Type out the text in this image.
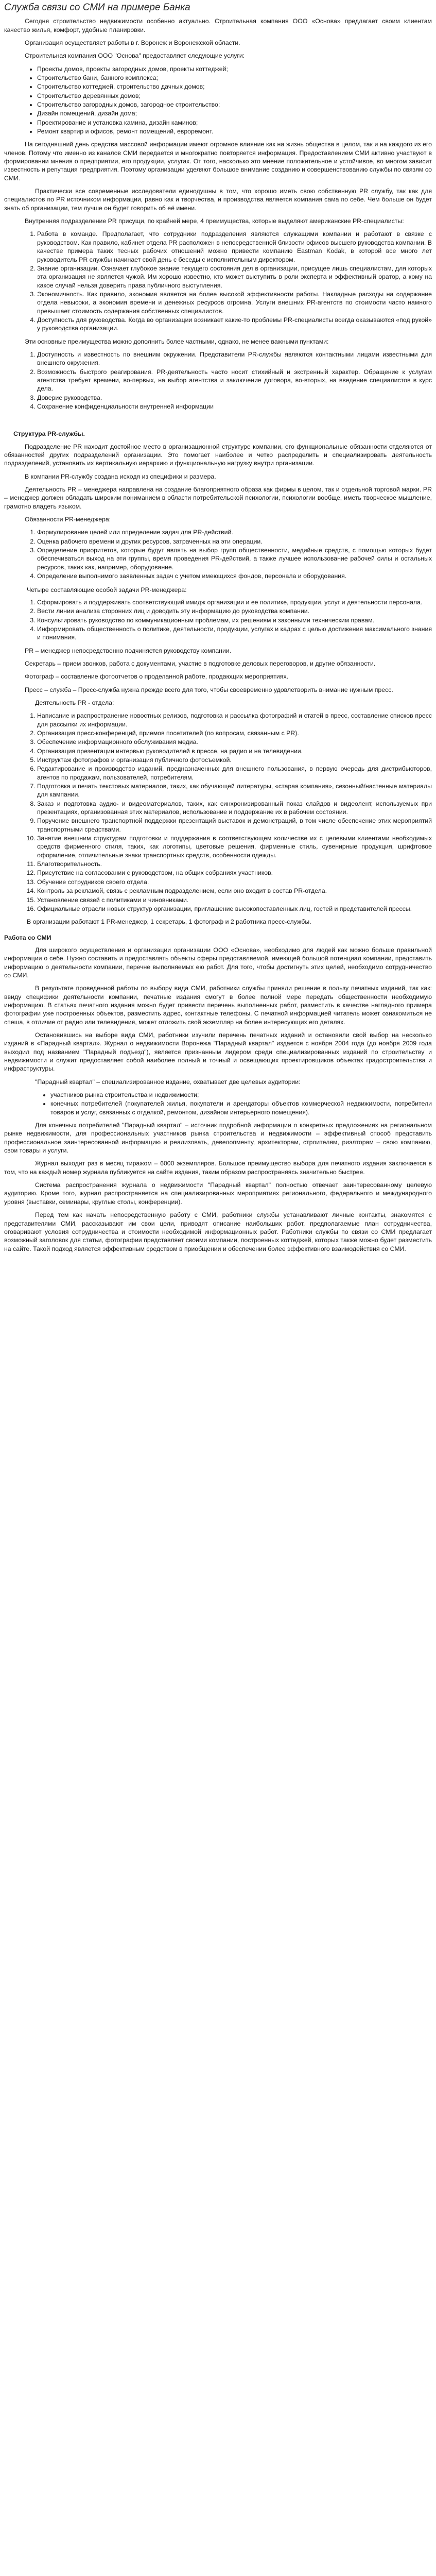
Служба связи со СМИ на примере Банка

Сегодня строительство недвижимости особенно актуально. Строительная компания ООО «Основа» предлагает своим клиентам качество жилья, комфорт, удобные планировки.

Организация осуществляет работы в г. Воронеж и Воронежской области.

Строительная компания ООО "Основа" предоставляет следующие услуги:

• Проекты домов, проекты загородных домов, проекты коттеджей;
• Строительство бани, банного комплекса;
• Строительство коттеджей, строительство дачных домов;
• Строительство деревянных домов;
• Строительство загородных домов, загородное строительство;
• Дизайн помещений, дизайн дома;
• Проектирование и установка камина, дизайн каминов;
• Ремонт квартир и офисов, ремонт помещений, евроремонт.

На сегодняшний день средства массовой информации имеют огромное влияние как на жизнь общества в целом, так и на каждого из его членов. Потому что именно из каналов СМИ передается и многократно повторяется информация. Предоставлением СМИ активно участвуют в формировании мнения о предприятии, его продукции, услугах. От того, насколько это мнение положительное и устойчивое, во многом зависит известность и репутация предприятия. Поэтому организации уделяют большое внимание созданию и совершенствованию службы по связям со СМИ.

Практически все современные исследователи единодушны в том, что хорошо иметь свою собственную PR службу, так как для специалистов по PR источником информации, равно как и творчества, и производства является компания сама по себе. Чем больше он будет знать об организации, тем лучше он будет говорить об её имени.

Внутренняя подразделение PR присущи, по крайней мере, 4 преимущества, которые выделяют американские PR-специалисты:

1. Работа в команде. Предполагает, что сотрудники подразделения являются служащими компании и работают в связке с руководством. Как правило, кабинет отдела PR расположен в непосредственной близости офисов высшего руководства компании. В качестве примера таких тесных рабочих отношений можно привести компанию Eastman Kodak, в которой все много лет руководитель PR службы начинает свой день с беседы с исполнительным директором.
2. Знание организации. Означает глубокое знание текущего состояния дел в организации, присущее лишь специалистам, для которых эта организация не является чужой. Им хорошо известно, кто может выступить в роли эксперта и эффективный оратор, а кому на какое случай нельзя доверить права публичного выступления.
3. Экономичность. Как правило, экономия является на более высокой эффективности работы. Накладные расходы на содержание отдела невысоки, а экономия времени и денежных ресурсов огромна. Услуги внешних PR-агентств по стоимости часто намного превышает стоимость содержания собственных специалистов.
4. Доступность для руководства. Когда во организации возникает какие-то проблемы PR-специалисты всегда оказываются «под рукой» у руководства организации.

Эти основные преимущества можно дополнить более частными, однако, не менее важными пунктами:

1. Доступность и известность по внешним окружении. Представители PR-службы являются контактными лицами известными для внешнего окружения.
2. Возможность быстрого реагирования. PR-деятельность часто носит стихийный и экстренный характер. Обращение к услугам агентства требует времени, во-первых, на выбор агентства и заключение договора, во-вторых, на введение специалистов в курс дела.
3. Доверие руководства.
4. Сохранение конфиденциальности внутренней информации

Структура PR-службы.

Подразделение PR находит достойное место в организационной структуре компании, его функциональные обязанности отделяются от обязанностей других подразделений организации. Это помогает наиболее и четко распределить и специализировать деятельность подразделений, установить их вертикальную иерархию и функциональную нагрузку внутри организации.

В компании PR-службу создана исходя из специфики и размера.

Деятельность PR – менеджера направлена на создание благоприятного образа как фирмы в целом, так и отдельной торговой марки. PR – менеджер должен обладать широким пониманием в области потребительской психологии, психологии вообще, иметь творческое мышление, грамотно владеть языком.

Обязанности PR-менеджера:

1. Формулирование целей или определение задач для PR-действий.
2. Оценка рабочего времени и других ресурсов, затраченных на эти операции.
3. Определение приоритетов, которые будут являть на выбор групп общественности, медийные средств, с помощью которых будет обеспечиваться выход на эти группы, время проведения PR-действий, а также лучшее использование рабочей силы и остальных ресурсов, таких как, например, оборудование.
4. Определение выполнимого заявленных задач с учетом имеющихся фондов, персонала и оборудования.

Четыре составляющие особой задачи PR-менеджера:

1. Сформировать и поддерживать соответствующий имидж организации и ее политике, продукции, услуг и деятельности персонала.
2. Вести линии анализа сторонних лиц и доводить эту информацию до руководства компании.
3. Консультировать руководство по коммуникационным проблемам, их решениям и законными техническим правам.
4. Информировать общественность о политике, деятельности, продукции, услугах и кадрах с целью достижения максимального знания и понимания.

PR – менеджер непосредственно подчиняется руководству компании.

Секретарь – прием звонков, работа с документами, участие в подготовке деловых переговоров, и другие обязанности.

Фотограф – составление фотоотчетов о проделанной работе, продающих мероприятиях.

Пресс – служба – Пресс-служба нужна прежде всего для того, чтобы своевременно удовлетворить внимание нужным пресс.

Деятельность PR - отдела:

1. Написание и распространение новостных релизов, подготовка и рассылка фотографий и статей в пресс, составление списков пресс для рассылки их информации.
2. Организация пресс-конференций, приемов посетителей (по вопросам, связанным с PR).
3. Обеспечение информационного обслуживания медиа.
4. Организация презентации интервью руководителей в прессе, на радио и на телевидении.
5. Инструктаж фотографов и организация публичного фотосъемкой.
6. Редактирование и производство изданий, предназначенных для внешнего пользования, в первую очередь для дистрибьюторов, агентов по продажам, пользователей, потребителям.
7. Подготовка и печать текстовых материалов, таких, как обучающей литературы, «старая компания», сезонный/настенные материалы для кампании.
8. Заказ и подготовка аудио- и видеоматериалов, таких, как синхронизированный показ слайдов и видеолент, используемых при презентациях, организованная этих материалов, использование и поддержание их в рабочем состоянии.
9. Поручение внешнего транспортной поддержки презентаций выставок и демонстраций, в том числе обеспечение этих мероприятий транспортными средствами.
10. Занятие внешним структурам подготовки и поддержания в соответствующем количестве их с целевыми клиентами необходимых средств фирменного стиля, таких, как логотипы, цветовые решения, фирменные стиль, сувенирные продукция, шрифтовое оформление, отличительные знаки транспортных средств, особенности одежды.
11. Благотворительность.
12. Присутствие на согласовании с руководством, на общих собраниях участников.
13. Обучение сотрудников своего отдела.
14. Контроль за рекламой, связь с рекламным подразделением, если оно входит в состав PR-отдела.
15. Установление связей с политиками и чиновниками.
16. Официальные отрасли новых структур организации, приглашение высокопоставленных лиц, гостей и представителей прессы.

В организации работают 1 PR-менеджер, 1 секретарь, 1 фотограф и 2 работника пресс-службы.

Работа со СМИ

Для широкого осуществления и организации организации ООО «Основа», необходимо для людей как можно больше правильной информации о себе. Нужно составить и предоставлять объекты сферы представляемой, имеющей большой потенциал компании, представить информацию о деятельности компании, перечне выполняемых ею работ. Для того, чтобы достигнуть этих целей, необходимо сотрудничество со СМИ.

В результате проведенной работы по выбору вида СМИ, работники службы приняли решение в пользу печатных изданий, так как: ввиду специфики деятельности компании, печатные издания смогут в более полной мере передать общественности необходимую информацию. В статьях печатного издания можно будет привести перечень выполненных работ, разместить в качестве наглядного примера фотографии уже построенных объектов, разместить адрес, контактные телефоны. С печатной информацией читатель может ознакомиться не спеша, в отличие от радио или телевидения, может отложить свой экземпляр на более интересующих его деталях.

Остановившись на выборе вида СМИ, работники изучили перечень печатных изданий и остановили свой выбор на несколько изданий в «Парадный квартал». Журнал о недвижимости Воронежа "Парадный квартал" издается с ноября 2004 года (до ноября 2009 года выходил под названием "Парадный подъезд"), является признанным лидером среди специализированных изданий по строительству и недвижимости и служит предоставляет собой наиболее полный и точный и освещающих проектировщиков объектах градостроительства и инфраструктуры.

"Парадный квартал" – специализированное издание, охватывает две целевых аудитории:

• участников рынка строительства и недвижимости;
• конечных потребителей (покупателей жилья, покупатели и арендаторы объектов коммерческой недвижимости, потребители товаров и услуг, связанных с отделкой, ремонтом, дизайном интерьерного помещения).

Для конечных потребителей "Парадный квартал" – источник подробной информации о конкретных предложениях на региональном рынке недвижимости, для профессиональных участников рынка строительства и недвижимости – эффективный способ представить профессиональное заинтересованной информацию и реализовать, девелопменту, архитекторам, строителям, риэлторам – свою компанию, свои товары и услуги.

Журнал выходит раз в месяц тиражом – 6000 экземпляров. Большое преимущество выбора для печатного издания заключается в том, что на каждый номер журнала публикуется на сайте издания, таким образом распространяясь значительно быстрее.

Система распространения журнала о недвижимости "Парадный квартал" полностью отвечает заинтересованному целевую аудиторию. Кроме того, журнал распространяется на специализированных мероприятиях регионального, федерального и международного уровня (выставки, семинары, круглые столы, конференции).

Перед тем как начать непосредственную работу с СМИ, работники службы устанавливают личные контакты, знакомятся с представителями СМИ, рассказывают им свои цели, приводят описание наибольших работ, предполагаемые план сотрудничества, оговаривают условия сотрудничества и стоимости необходимой информационных работ. Работники службы по связи со СМИ предлагает возможный заголовок для статьи, фотографии представляет своими компании, построенных коттеджей, которых также можно будет разместить на сайте. Такой подход является эффективным средством в приобщении и обеспечении более эффективного взаимодействия со СМИ.
